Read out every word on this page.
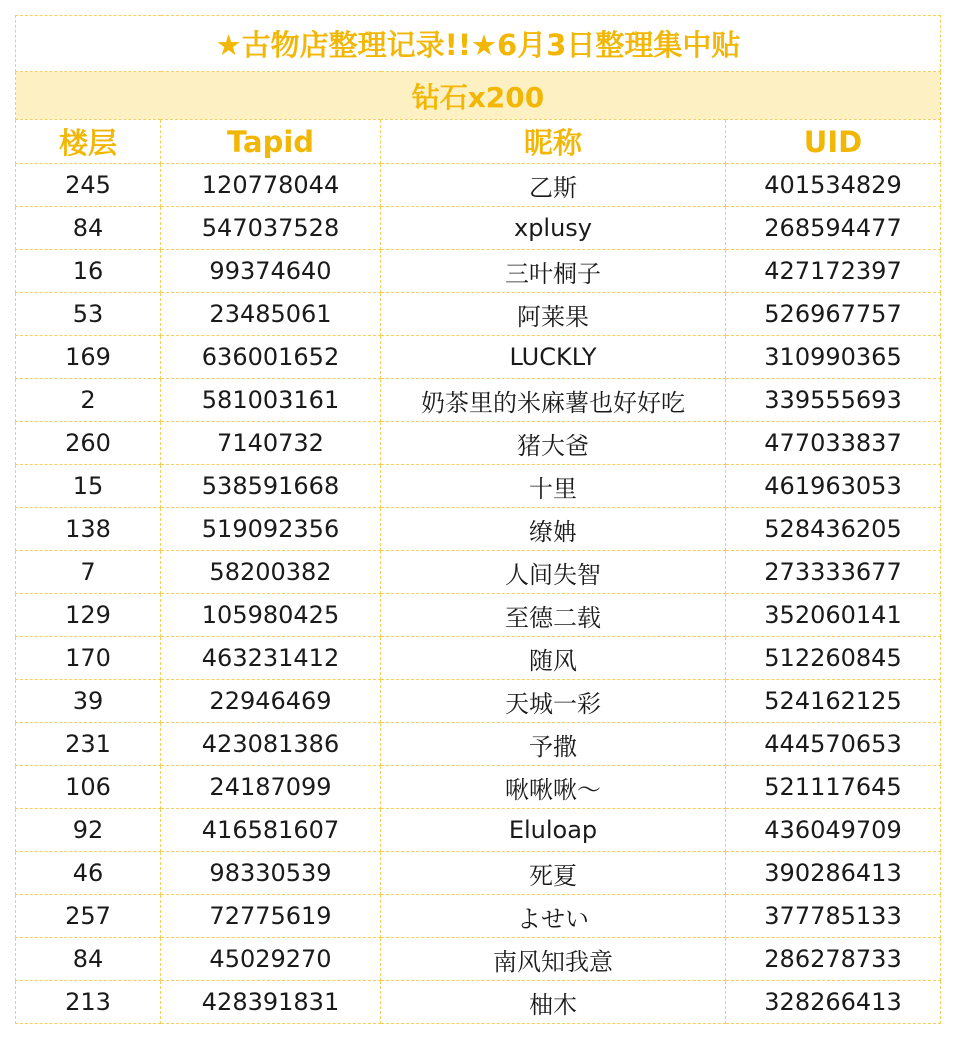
★古物店整理记录!!★6月3日整理集中贴			
钻石x200			
楼层	Tapid	昵称	UID
245	120778044	乙斯	401534829
84	547037528	xplusy	268594477
16	99374640	三叶桐子	427172397
53	23485061	阿莱果	526967757
169	636001652	LUCKLY	310990365
2	581003161	奶茶里的米麻薯也好好吃	339555693
260	7140732	猪大爸	477033837
15	538591668	十里	461963053
138	519092356	缭姌	528436205
7	58200382	人间失智	273333677
129	105980425	至德二载	352060141
170	463231412	随风	512260845
39	22946469	天城一彩	524162125
231	423081386	予撒	444570653
106	24187099	啾啾啾～	521117645
92	416581607	Eluloap	436049709
46	98330539	死夏	390286413
257	72775619	よせい	377785133
84	45029270	南风知我意	286278733
213	428391831	柚木	328266413
